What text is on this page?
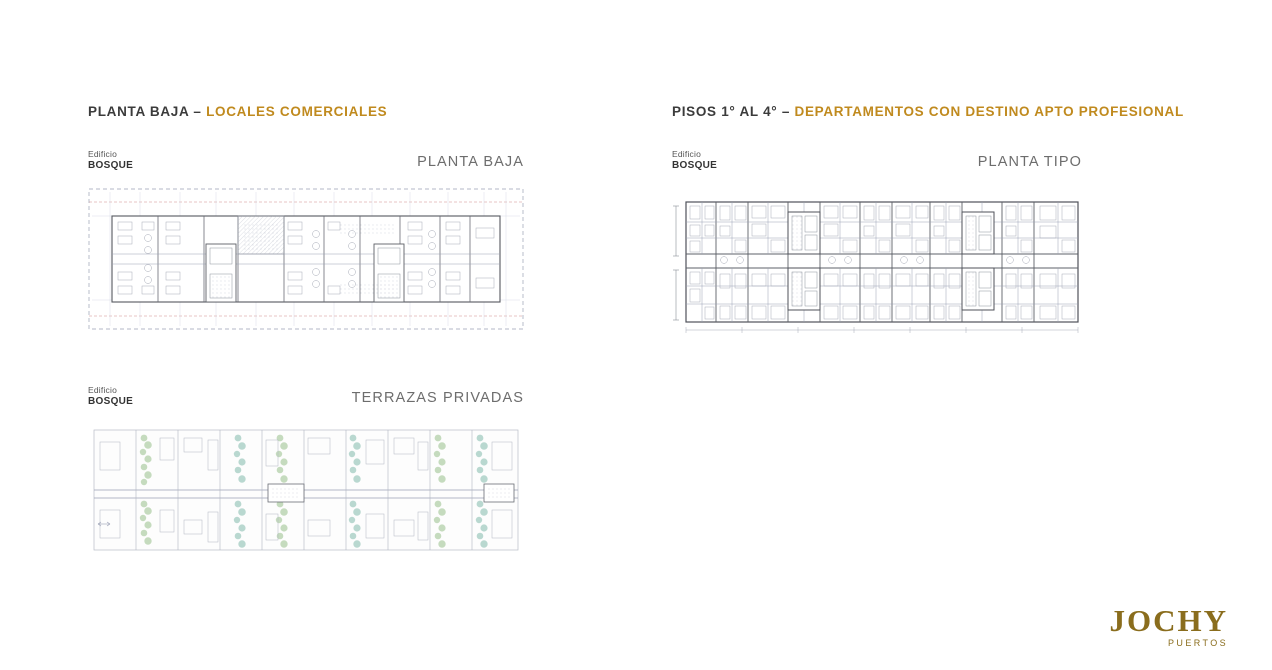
PLANTA BAJA – LOCALES COMERCIALES	PISOS 1° AL 4° – DEPARTAMENTOS CON DESTINO APTO PROFESIONAL
Edificio
BOSQUE	PLANTA BAJA
Edificio
BOSQUE	TERRAZAS PRIVADAS
Edificio
BOSQUE	PLANTA TIPO
JOCHY
PUERTOS
